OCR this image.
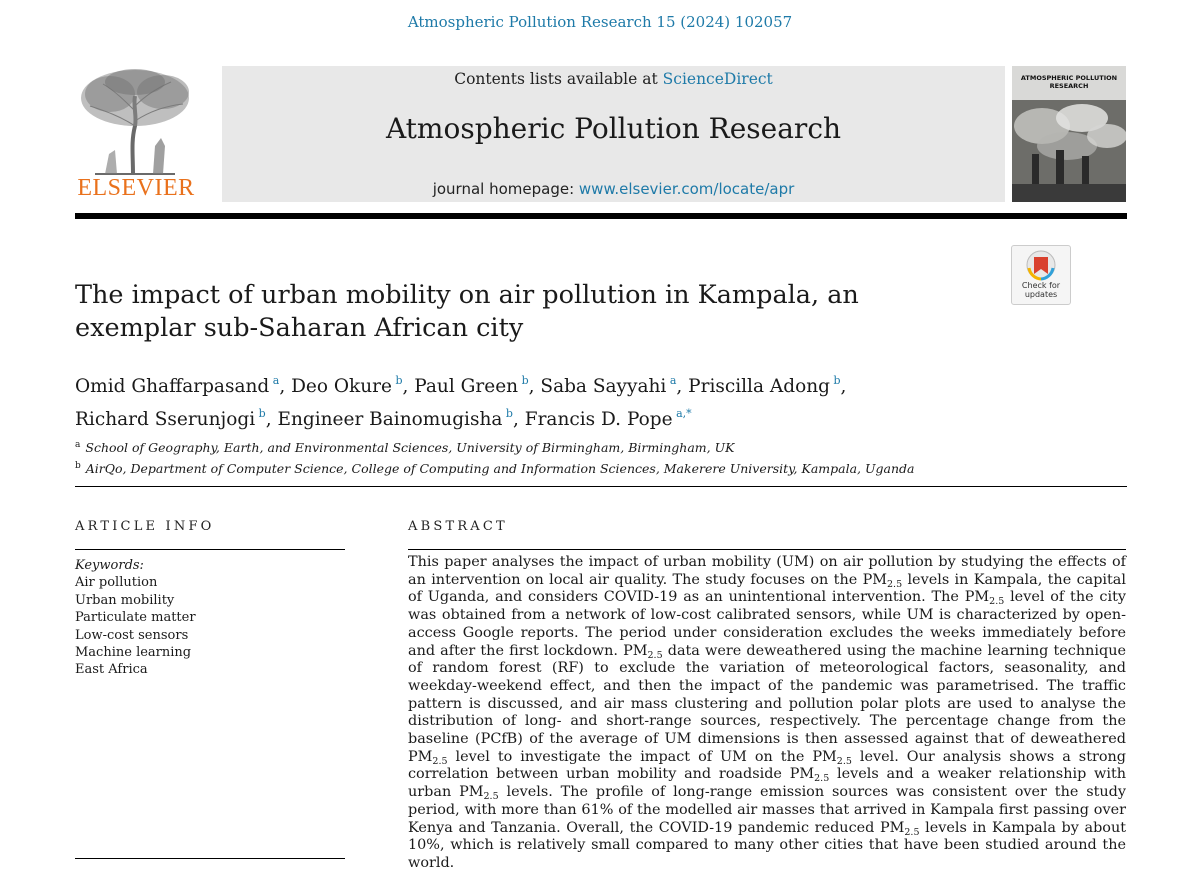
Atmospheric Pollution Research 15 (2024) 102057
ELSEVIER
Contents lists available at ScienceDirect
Atmospheric Pollution Research
journal homepage: www.elsevier.com/locate/apr
ATMOSPHERIC POLLUTION RESEARCH
Check for updates
The impact of urban mobility on air pollution in Kampala, an exemplar sub-Saharan African city
Omid Ghaffarpasand $^a$, Deo Okure $^b$, Paul Green $^b$, Saba Sayyahi $^a$, Priscilla Adong $^b$,
Richard Sserunjogi $^b$, Engineer Bainomugisha $^b$, Francis D. Pope $^{a,*}$
$^a$ School of Geography, Earth, and Environmental Sciences, University of Birmingham, Birmingham, UK
$^b$ AirQo, Department of Computer Science, College of Computing and Information Sciences, Makerere University, Kampala, Uganda
ARTICLE INFO
Keywords:
Air pollution
Urban mobility
Particulate matter
Low-cost sensors
Machine learning
East Africa
ABSTRACT
This paper analyses the impact of urban mobility (UM) on air pollution by studying the effects of an intervention on local air quality. The study focuses on the $PM_{2.5}$ levels in Kampala, the capital of Uganda, and considers COVID-19 as an unintentional intervention. The $PM_{2.5}$ level of the city was obtained from a network of low-cost calibrated sensors, while UM is characterized by open-access Google reports. The period under consideration excludes the weeks immediately before and after the first lockdown. $PM_{2.5}$ data were deweathered using the machine learning technique of random forest (RF) to exclude the variation of meteorological factors, seasonality, and weekday-weekend effect, and then the impact of the pandemic was parametrised. The traffic pattern is discussed, and air mass clustering and pollution polar plots are used to analyse the distribution of long- and short-range sources, respectively. The percentage change from the baseline (PCfB) of the average of UM dimensions is then assessed against that of deweathered $PM_{2.5}$ level to investigate the impact of UM on the $PM_{2.5}$ level. Our analysis shows a strong correlation between urban mobility and roadside $PM_{2.5}$ levels and a weaker relationship with urban $PM_{2.5}$ levels. The profile of long-range emission sources was consistent over the study period, with more than 61% of the modelled air masses that arrived in Kampala first passing over Kenya and Tanzania. Overall, the COVID-19 pandemic reduced $PM_{2.5}$ levels in Kampala by about 10%, which is relatively small compared to many other cities that have been studied around the world.
